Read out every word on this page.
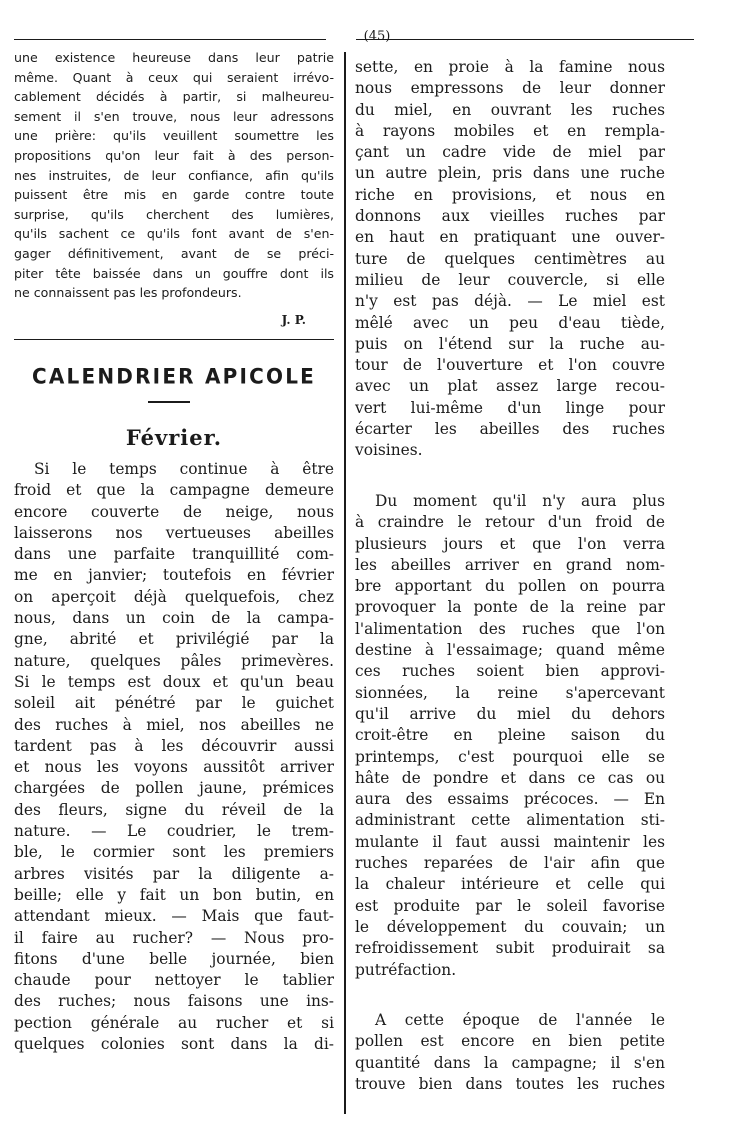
(45)
une existence heureuse dans leur patrie
même. Quant à ceux qui seraient irrévo-
cablement décidés à partir, si malheureu-
sement il s'en trouve, nous leur adressons
une prière: qu'ils veuillent soumettre les
propositions qu'on leur fait à des person-
nes instruites, de leur confiance, afin qu'ils
puissent être mis en garde contre toute
surprise, qu'ils cherchent des lumières,
qu'ils sachent ce qu'ils font avant de s'en-
gager définitivement, avant de se préci-
piter tête baissée dans un gouffre dont ils
ne connaissent pas les profondeurs.
J. P.
CALENDRIER APICOLE
Février.
Si le temps continue à être
froid et que la campagne demeure
encore couverte de neige, nous
laisserons nos vertueuses abeilles
dans une parfaite tranquillité com-
me en janvier; toutefois en février
on aperçoit déjà quelquefois, chez
nous, dans un coin de la campa-
gne, abrité et privilégié par la
nature, quelques pâles primevères.
Si le temps est doux et qu'un beau
soleil ait pénétré par le guichet
des ruches à miel, nos abeilles ne
tardent pas à les découvrir aussi
et nous les voyons aussitôt arriver
chargées de pollen jaune, prémices
des fleurs, signe du réveil de la
nature. — Le coudrier, le trem-
ble, le cormier sont les premiers
arbres visités par la diligente a-
beille; elle y fait un bon butin, en
attendant mieux. — Mais que faut-
il faire au rucher? — Nous pro-
fitons d'une belle journée, bien
chaude pour nettoyer le tablier
des ruches; nous faisons une ins-
pection générale au rucher et si
quelques colonies sont dans la di-
sette, en proie à la famine nous
nous empressons de leur donner
du miel, en ouvrant les ruches
à rayons mobiles et en rempla-
çant un cadre vide de miel par
un autre plein, pris dans une ruche
riche en provisions, et nous en
donnons aux vieilles ruches par
en haut en pratiquant une ouver-
ture de quelques centimètres au
milieu de leur couvercle, si elle
n'y est pas déjà. — Le miel est
mêlé avec un peu d'eau tiède,
puis on l'étend sur la ruche au-
tour de l'ouverture et l'on couvre
avec un plat assez large recou-
vert lui-même d'un linge pour
écarter les abeilles des ruches
voisines.
Du moment qu'il n'y aura plus
à craindre le retour d'un froid de
plusieurs jours et que l'on verra
les abeilles arriver en grand nom-
bre apportant du pollen on pourra
provoquer la ponte de la reine par
l'alimentation des ruches que l'on
destine à l'essaimage; quand même
ces ruches soient bien approvi-
sionnées, la reine s'apercevant
qu'il arrive du miel du dehors
croit-être en pleine saison du
printemps, c'est pourquoi elle se
hâte de pondre et dans ce cas ou
aura des essaims précoces. — En
administrant cette alimentation sti-
mulante il faut aussi maintenir les
ruches reparées de l'air afin que
la chaleur intérieure et celle qui
est produite par le soleil favorise
le développement du couvain; un
refroidissement subit produirait sa
putréfaction.
A cette époque de l'année le
pollen est encore en bien petite
quantité dans la campagne; il s'en
trouve bien dans toutes les ruches
